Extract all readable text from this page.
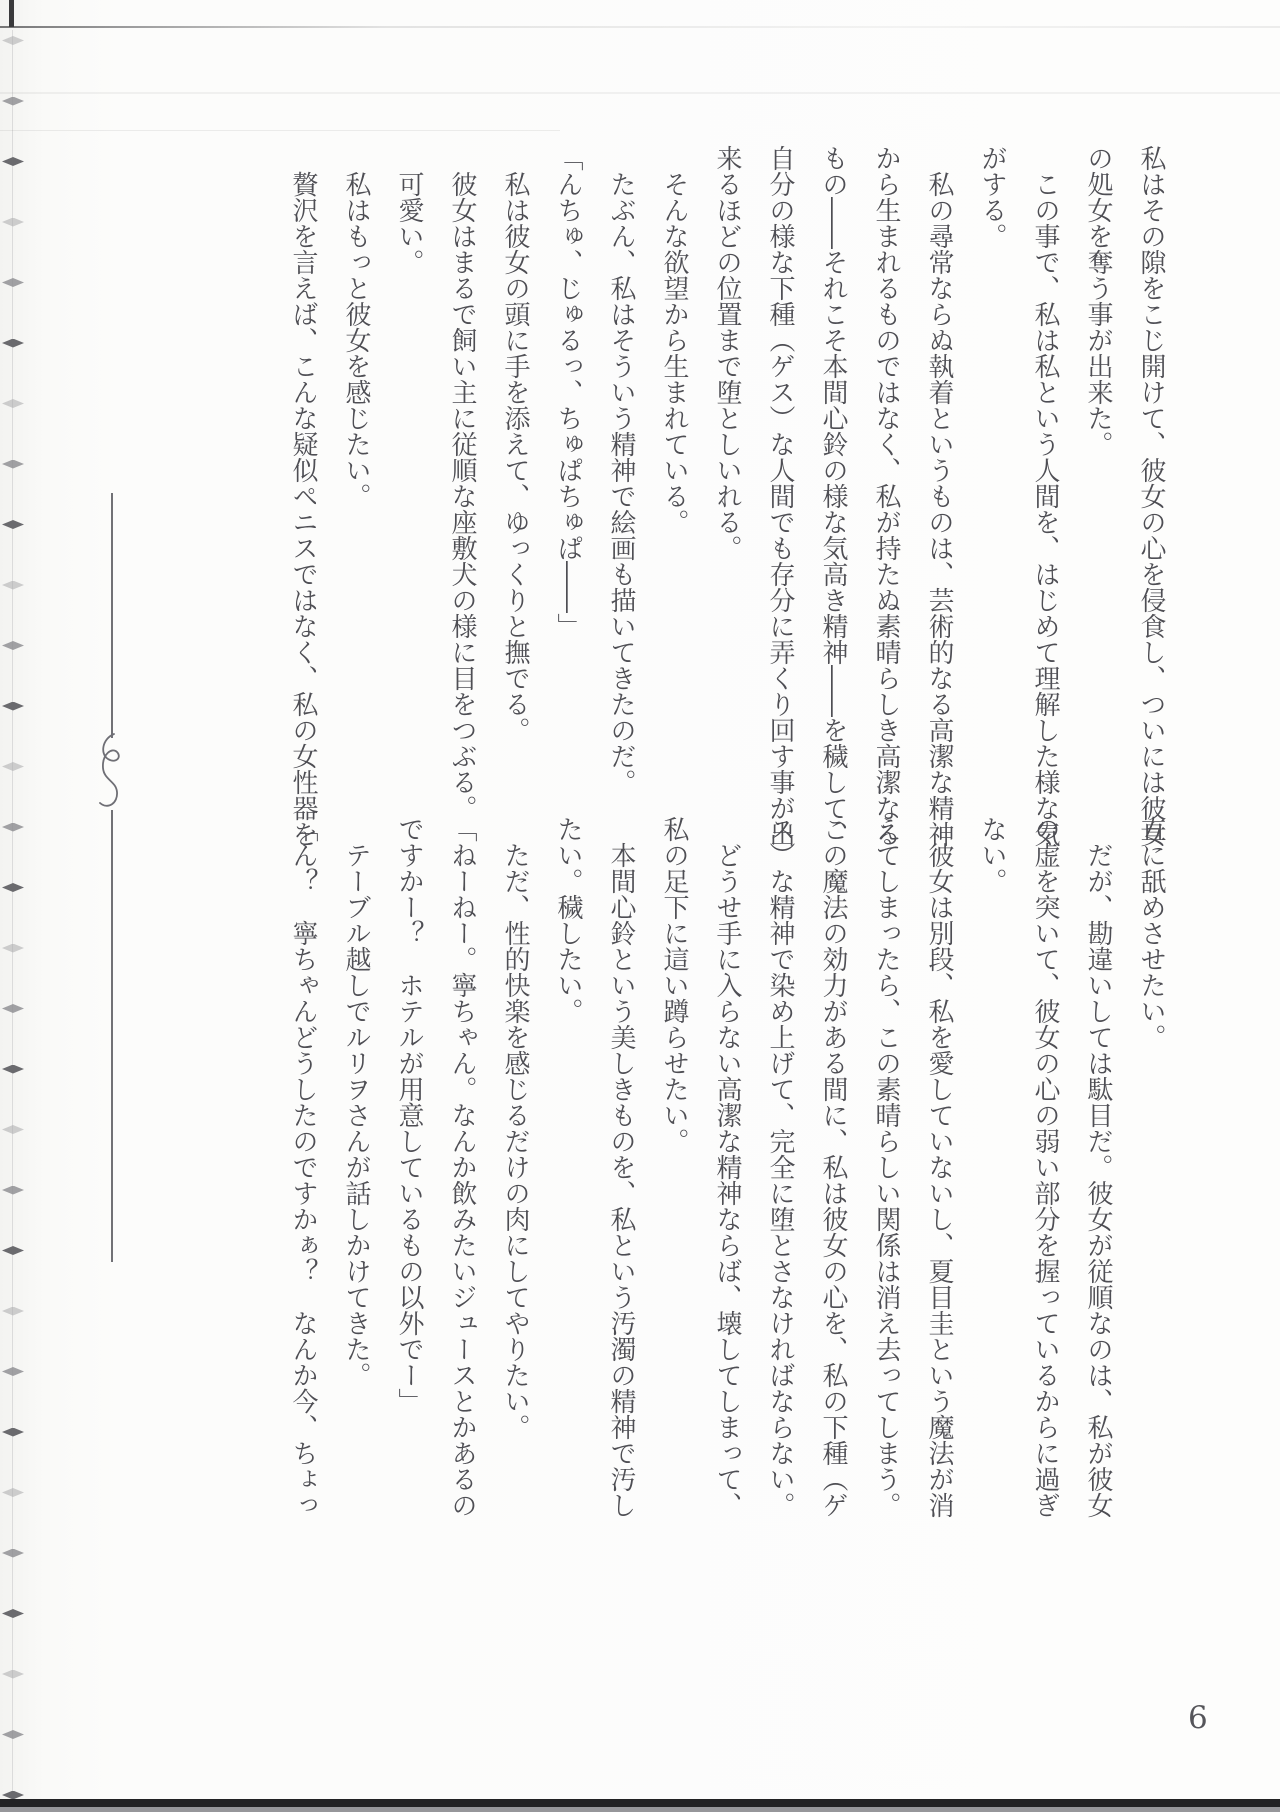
私はその隙をこじ開けて、彼女の心を侵食し、ついには彼女の処女を奪う事が出来た。

　この事で、私は私という人間を、はじめて理解した様な気がする。

　私の尋常ならぬ執着というものは、芸術的なる高潔な精神から生まれるものではなく、私が持たぬ素晴らしき高潔なるもの――それこそ本間心鈴の様な気高き精神――を穢して、自分の様な下種（ゲス）な人間でも存分に弄くり回す事が出来るほどの位置まで堕としいれる。

　そんな欲望から生まれている。

　たぶん、私はそういう精神で絵画も描いてきたのだ。

「んちゅ、じゅるっ、ちゅぱちゅぱ――」

　私は彼女の頭に手を添えて、ゆっくりと撫でる。

　彼女はまるで飼い主に従順な座敷犬の様に目をつぶる。

　可愛い。

　私はもっと彼女を感じたい。

　贅沢を言えば、こんな疑似ペニスではなく、私の女性器を

直に舐めさせたい。

　だが、勘違いしては駄目だ。彼女が従順なのは、私が彼女の虚を突いて、彼女の心の弱い部分を握っているからに過ぎない。

　彼女は別段、私を愛していないし、夏目圭という魔法が消えてしまったら、この素晴らしい関係は消え去ってしまう。この魔法の効力がある間に、私は彼女の心を、私の下種（ゲス）な精神で染め上げて、完全に堕とさなければならない。

　どうせ手に入らない高潔な精神ならば、壊してしまって、私の足下に這い蹲らせたい。

　本間心鈴という美しきものを、私という汚濁の精神で汚したい。穢したい。

　ただ、性的快楽を感じるだけの肉にしてやりたい。

「ねーねー。寧ちゃん。なんか飲みたいジュースとかあるのですかー？　ホテルが用意しているもの以外でー」

　テーブル越しでルリヲさんが話しかけてきた。

「ん？　寧ちゃんどうしたのですかぁ？　なんか今、ちょっ

6
